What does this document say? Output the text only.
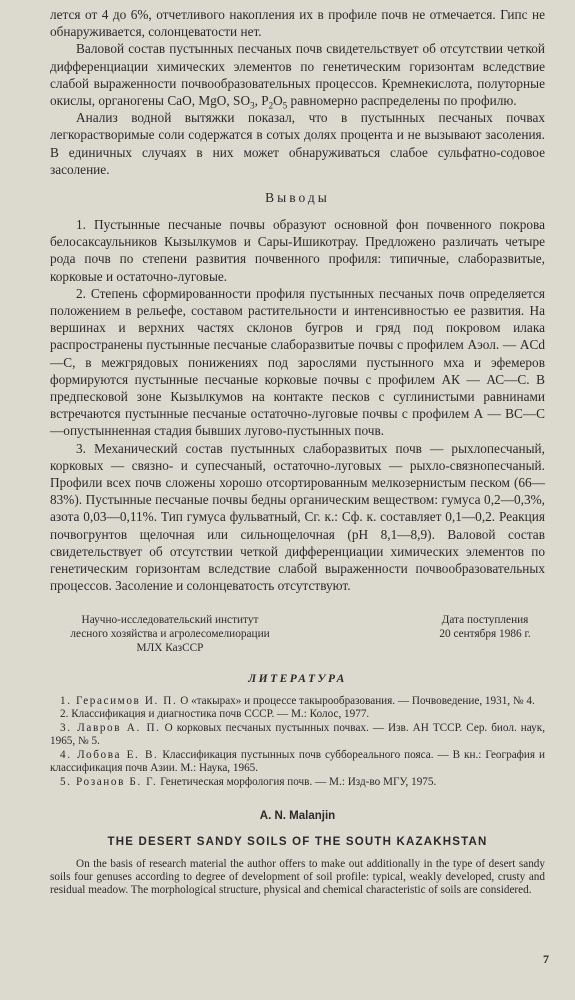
лется от 4 до 6%, отчетливого накопления их в профиле почв не отмечается. Гипс не обнаруживается, солонцеватости нет.

Валовой состав пустынных песчаных почв свидетельствует об отсутствии четкой дифференциации химических элементов по генетическим горизонтам вследствие слабой выраженности почвообразовательных процессов. Кремнекислота, полуторные окислы, органогены CaO, MgO, $SO_3$, $P_2O_5$ равномерно распределены по профилю.

Анализ водной вытяжки показал, что в пустынных песчаных почвах легкорастворимые соли содержатся в сотых долях процента и не вызывают засоления. В единичных случаях в них может обнаруживаться слабое сульфатно-содовое засоление.

Выводы

1. Пустынные песчаные почвы образуют основной фон почвенного покрова белосаксаульников Кызылкумов и Сары-Ишикотрау. Предложено различать четыре рода почв по степени развития почвенного профиля: типичные, слаборазвитые, корковые и остаточно-луговые.

2. Степень сформированности профиля пустынных песчаных почв определяется положением в рельефе, составом растительности и интенсивностью ее развития. На вершинах и верхних частях склонов бугров и гряд под покровом илака распространены пустынные песчаные слаборазвитые почвы с профилем Аэол. — ACd—C, в межгрядовых понижениях под зарослями пустынного мха и эфемеров формируются пустынные песчаные корковые почвы с профилем АК — АС—С. В предпесковой зоне Кызылкумов на контакте песков с суглинистыми равнинами встречаются пустынные песчаные остаточно-луговые почвы с профилем А — ВС—С—опустынненная стадия бывших лугово-пустынных почв.

3. Механический состав пустынных слаборазвитых почв — рыхлопесчаный, корковых — связно- и супесчаный, остаточно-луговых — рыхло-связнопесчаный. Профили всех почв сложены хорошо отсортированным мелкозернистым песком (66—83%). Пустынные песчаные почвы бедны органическим веществом: гумуса 0,2—0,3%, азота 0,03—0,11%. Тип гумуса фульватный, Сг. к.: Сф. к. составляет 0,1—0,2. Реакция почвогрунтов щелочная или сильнощелочная (рН 8,1—8,9). Валовой состав свидетельствует об отсутствии четкой дифференциации химических элементов по генетическим горизонтам вследствие слабой выраженности почвообразовательных процессов. Засоление и солонцеватость отсутствуют.

Научно-исследовательский институт
лесного хозяйства и агролесомелиорации
МЛХ КазССР
Дата поступления
20 сентября 1986 г.
ЛИТЕРАТУРА

1. Герасимов И. П. О «такырах» и процессе такырообразования. — Почвоведение, 1931, № 4.

2. Классификация и диагностика почв СССР. — М.: Колос, 1977.

3. Лавров А. П. О корковых песчаных пустынных почвах. — Изв. АН ТССР. Сер. биол. наук, 1965, № 5.

4. Лобова Е. В. Классификация пустынных почв суббореального пояса. — В кн.: География и классификация почв Азии. М.: Наука, 1965.

5. Розанов Б. Г. Генетическая морфология почв. — М.: Изд-во МГУ, 1975.

A. N. Malanjin
THE DESERT SANDY SOILS OF THE SOUTH KAZAKHSTAN

On the basis of research material the author offers to make out additionally in the type of desert sandy soils four genuses according to degree of development of soil profile: typical, weakly developed, crusty and residual meadow. The morphological structure, physical and chemical characteristic of soils are considered.

7
